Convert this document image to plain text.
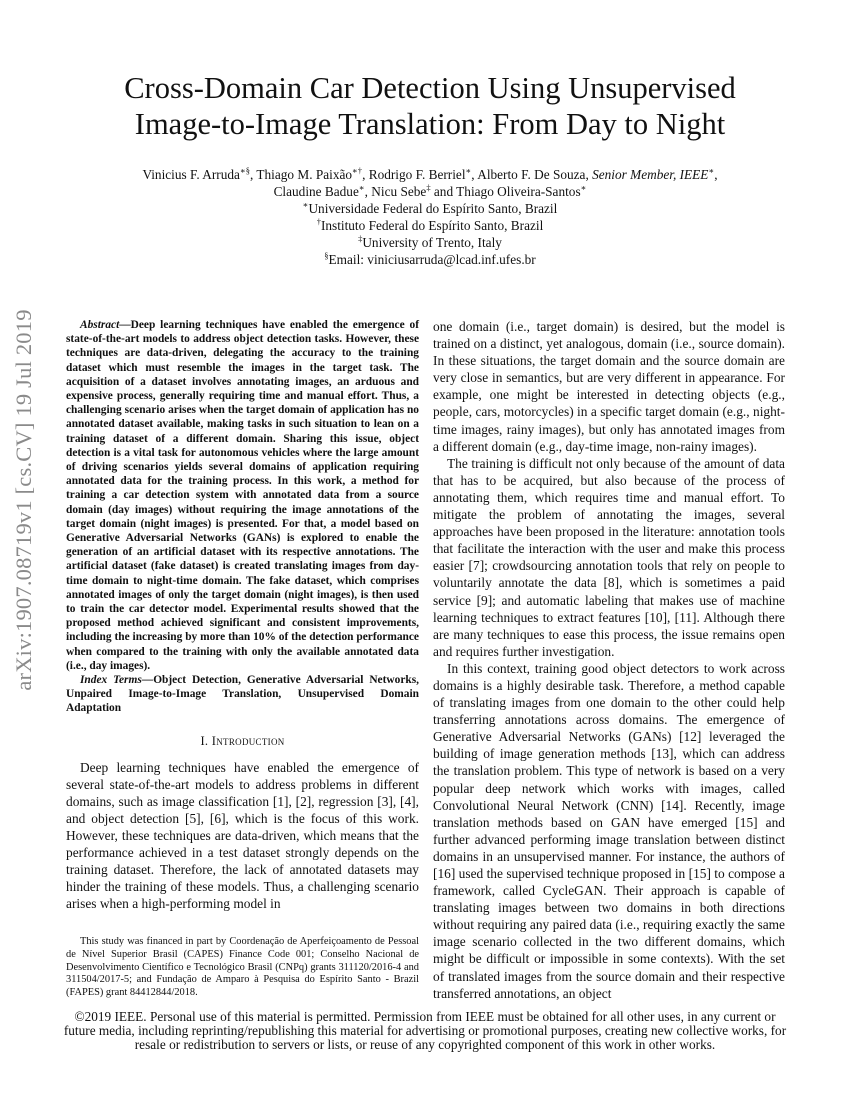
arXiv:1907.08719v1 [cs.CV] 19 Jul 2019
Cross-Domain Car Detection Using Unsupervised
Image-to-Image Translation: From Day to Night
Vinicius F. Arruda∗§, Thiago M. Paixão∗†, Rodrigo F. Berriel∗, Alberto F. De Souza, Senior Member, IEEE∗,
Claudine Badue∗, Nicu Sebe‡ and Thiago Oliveira-Santos∗
∗Universidade Federal do Espírito Santo, Brazil
†Instituto Federal do Espírito Santo, Brazil
‡University of Trento, Italy
§Email: viniciusarruda@lcad.inf.ufes.br

Abstract—Deep learning techniques have enabled the emergence of state-of-the-art models to address object detection tasks. However, these techniques are data-driven, delegating the accuracy to the training dataset which must resemble the images in the target task. The acquisition of a dataset involves annotating images, an arduous and expensive process, generally requiring time and manual effort. Thus, a challenging scenario arises when the target domain of application has no annotated dataset available, making tasks in such situation to lean on a training dataset of a different domain. Sharing this issue, object detection is a vital task for autonomous vehicles where the large amount of driving scenarios yields several domains of application requiring annotated data for the training process. In this work, a method for training a car detection system with annotated data from a source domain (day images) without requiring the image annotations of the target domain (night images) is presented. For that, a model based on Generative Adversarial Networks (GANs) is explored to enable the generation of an artificial dataset with its respective annotations. The artificial dataset (fake dataset) is created translating images from day-time domain to night-time domain. The fake dataset, which comprises annotated images of only the target domain (night images), is then used to train the car detector model. Experimental results showed that the proposed method achieved significant and consistent improvements, including the increasing by more than 10% of the detection performance when compared to the training with only the available annotated data (i.e., day images).

Index Terms—Object Detection, Generative Adversarial Networks, Unpaired Image-to-Image Translation, Unsupervised Domain Adaptation

I. Introduction

Deep learning techniques have enabled the emergence of several state-of-the-art models to address problems in different domains, such as image classification [1], [2], regression [3], [4], and object detection [5], [6], which is the focus of this work. However, these techniques are data-driven, which means that the performance achieved in a test dataset strongly depends on the training dataset. Therefore, the lack of annotated datasets may hinder the training of these models. Thus, a challenging scenario arises when a high-performing model in

This study was financed in part by Coordenação de Aperfeiçoamento de Pessoal de Nível Superior Brasil (CAPES) Finance Code 001; Conselho Nacional de Desenvolvimento Científico e Tecnológico Brasil (CNPq) grants 311120/2016-4 and 311504/2017-5; and Fundação de Amparo à Pesquisa do Espírito Santo - Brazil (FAPES) grant 84412844/2018.

one domain (i.e., target domain) is desired, but the model is trained on a distinct, yet analogous, domain (i.e., source domain). In these situations, the target domain and the source domain are very close in semantics, but are very different in appearance. For example, one might be interested in detecting objects (e.g., people, cars, motorcycles) in a specific target domain (e.g., night-time images, rainy images), but only has annotated images from a different domain (e.g., day-time image, non-rainy images).

The training is difficult not only because of the amount of data that has to be acquired, but also because of the process of annotating them, which requires time and manual effort. To mitigate the problem of annotating the images, several approaches have been proposed in the literature: annotation tools that facilitate the interaction with the user and make this process easier [7]; crowdsourcing annotation tools that rely on people to voluntarily annotate the data [8], which is sometimes a paid service [9]; and automatic labeling that makes use of machine learning techniques to extract features [10], [11]. Although there are many techniques to ease this process, the issue remains open and requires further investigation.

In this context, training good object detectors to work across domains is a highly desirable task. Therefore, a method capable of translating images from one domain to the other could help transferring annotations across domains. The emergence of Generative Adversarial Networks (GANs) [12] leveraged the building of image generation methods [13], which can address the translation problem. This type of network is based on a very popular deep network which works with images, called Convolutional Neural Network (CNN) [14]. Recently, image translation methods based on GAN have emerged [15] and further advanced performing image translation between distinct domains in an unsupervised manner. For instance, the authors of [16] used the supervised technique proposed in [15] to compose a framework, called CycleGAN. Their approach is capable of translating images between two domains in both directions without requiring any paired data (i.e., requiring exactly the same image scenario collected in the two different domains, which might be difficult or impossible in some contexts). With the set of translated images from the source domain and their respective transferred annotations, an object

©2019 IEEE. Personal use of this material is permitted. Permission from IEEE must be obtained for all other uses, in any current or future media, including reprinting/republishing this material for advertising or promotional purposes, creating new collective works, for resale or redistribution to servers or lists, or reuse of any copyrighted component of this work in other works.
